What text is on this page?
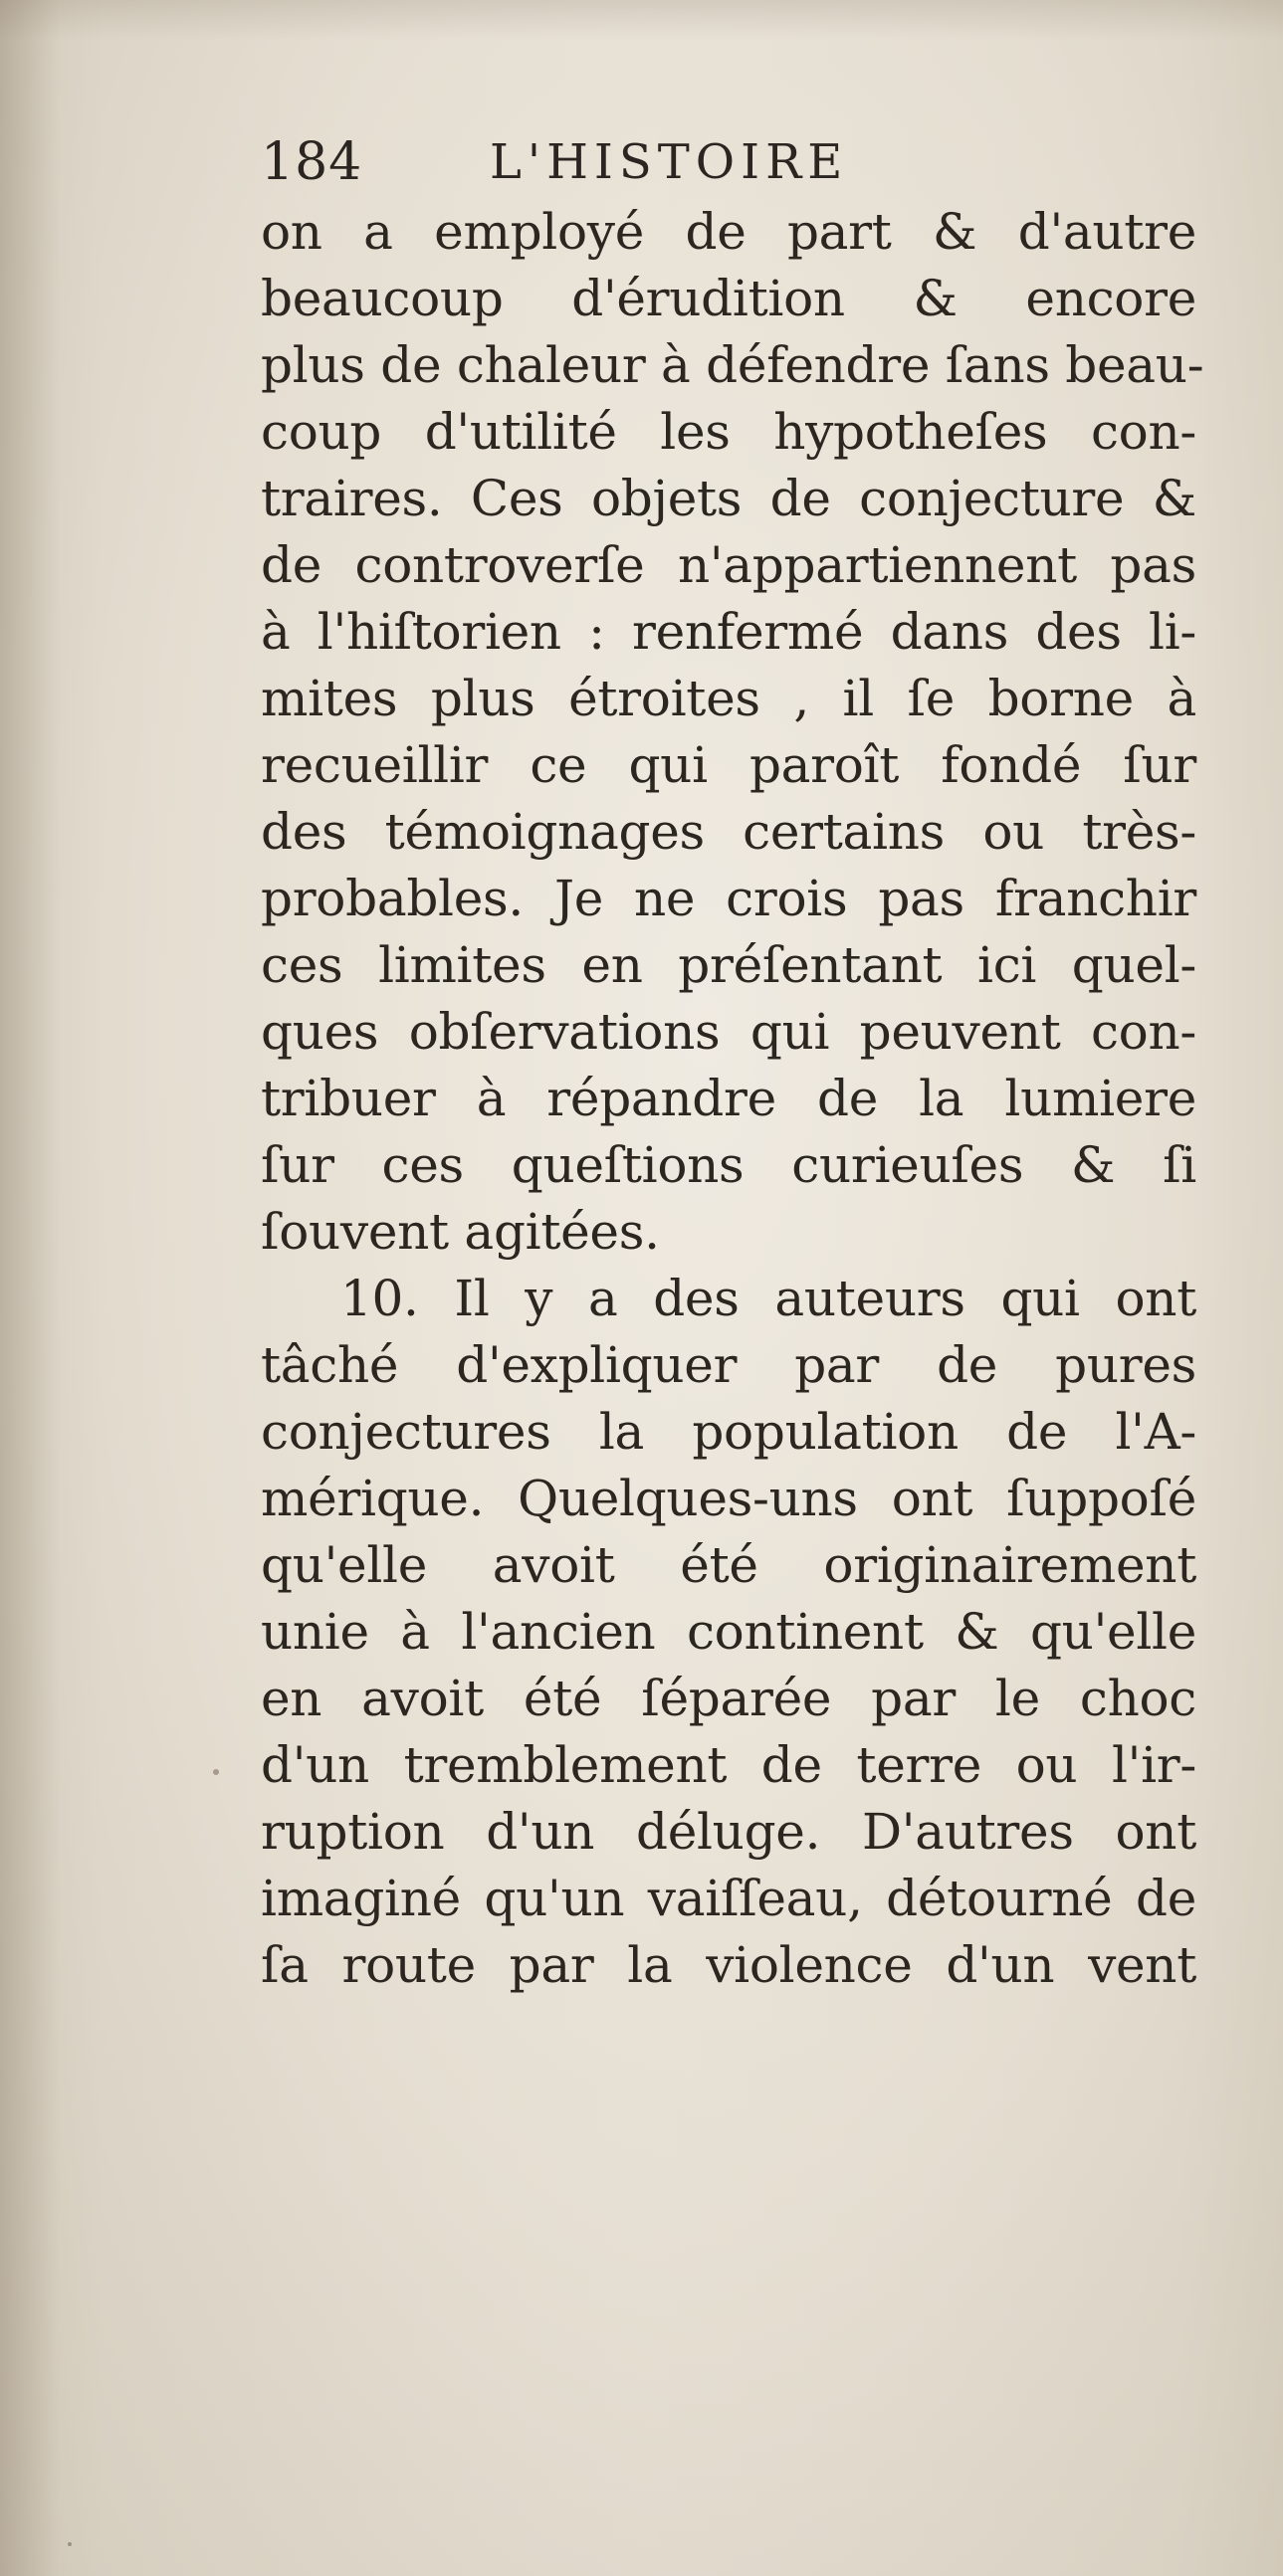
184	L'HISTOIRE
on a employé de part & d'autre
beaucoup d'érudition & encore
plus de chaleur à défendre ſans beau-
coup d'utilité les hypotheſes con-
traires. Ces objets de conjecture &
de controverſe n'appartiennent pas
à l'hiſtorien : renfermé dans des li-
mites plus étroites , il ſe borne à
recueillir ce qui paroît fondé ſur
des témoignages certains ou très-
probables. Je ne crois pas franchir
ces limites en préſentant ici quel-
ques obſervations qui peuvent con-
tribuer à répandre de la lumiere
ſur ces queſtions curieuſes & ſi
ſouvent agitées.
10. Il y a des auteurs qui ont
tâché d'expliquer par de pures
conjectures la population de l'A-
mérique. Quelques-uns ont ſuppoſé
qu'elle avoit été originairement
unie à l'ancien continent & qu'elle
en avoit été ſéparée par le choc
d'un tremblement de terre ou l'ir-
ruption d'un déluge. D'autres ont
imaginé qu'un vaiſſeau, détourné de
ſa route par la violence d'un vent
